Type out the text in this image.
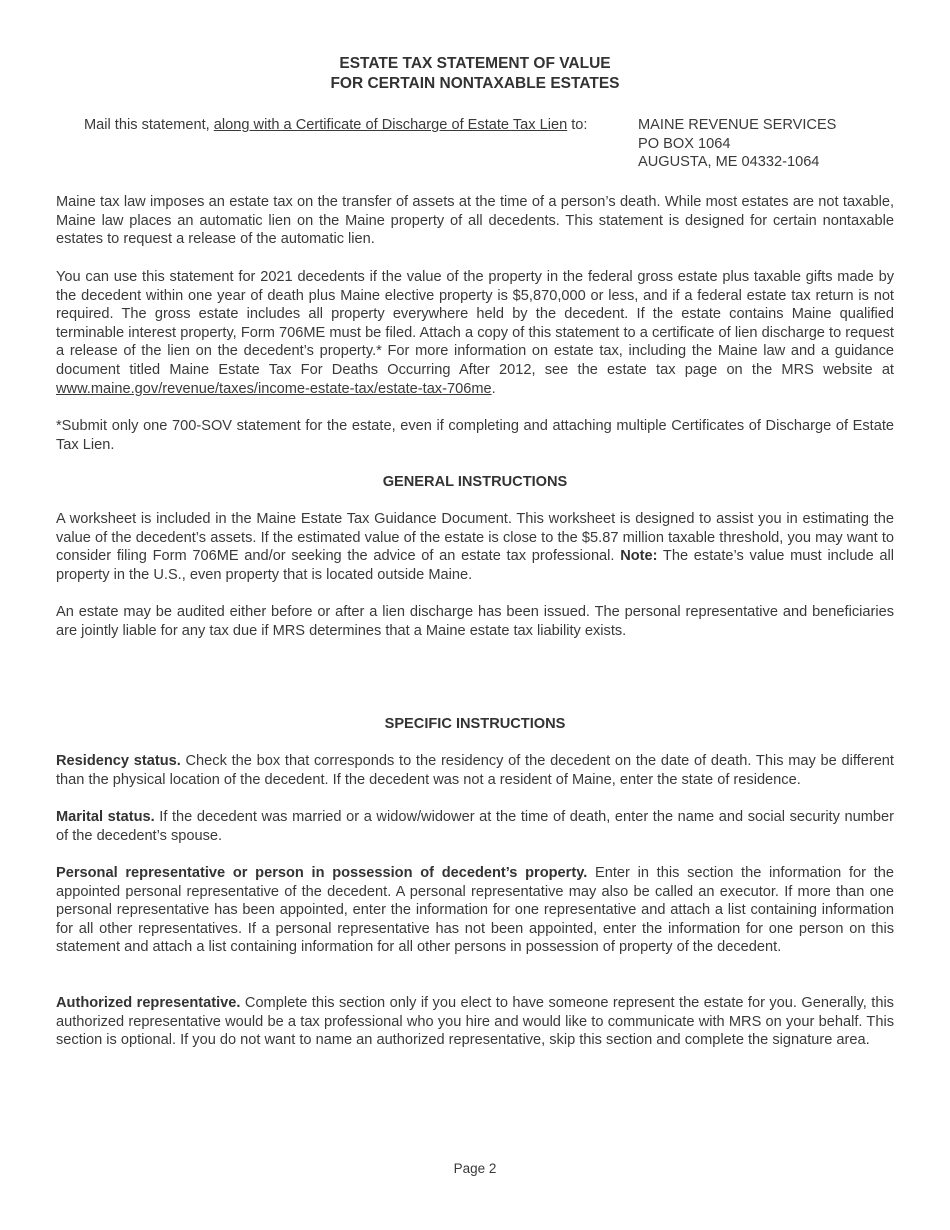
ESTATE TAX STATEMENT OF VALUE
FOR CERTAIN NONTAXABLE ESTATES
Mail this statement, along with a Certificate of Discharge of Estate Tax Lien to:	MAINE REVENUE SERVICES
PO BOX 1064
AUGUSTA, ME 04332-1064

Maine tax law imposes an estate tax on the transfer of assets at the time of a person’s death. While most estates are not taxable, Maine law places an automatic lien on the Maine property of all decedents. This statement is designed for certain nontaxable estates to request a release of the automatic lien.

You can use this statement for 2021 decedents if the value of the property in the federal gross estate plus taxable gifts made by the decedent within one year of death plus Maine elective property is $5,870,000 or less, and if a federal estate tax return is not required. The gross estate includes all property everywhere held by the decedent. If the estate contains Maine qualified terminable interest property, Form 706ME must be filed. Attach a copy of this statement to a certificate of lien discharge to request a release of the lien on the decedent’s property.* For more information on estate tax, including the Maine law and a guidance document titled Maine Estate Tax For Deaths Occurring After 2012, see the estate tax page on the MRS website at www.maine.gov/revenue/taxes/income-estate-tax/estate-tax-706me.

*Submit only one 700-SOV statement for the estate, even if completing and attaching multiple Certificates of Discharge of Estate Tax Lien.

GENERAL INSTRUCTIONS

A worksheet is included in the Maine Estate Tax Guidance Document. This worksheet is designed to assist you in estimating the value of the decedent’s assets. If the estimated value of the estate is close to the $5.87 million taxable threshold, you may want to consider filing Form 706ME and/or seeking the advice of an estate tax professional. Note: The estate’s value must include all property in the U.S., even property that is located outside Maine.

An estate may be audited either before or after a lien discharge has been issued. The personal representative and beneficiaries are jointly liable for any tax due if MRS determines that a Maine estate tax liability exists.

SPECIFIC INSTRUCTIONS

Residency status. Check the box that corresponds to the residency of the decedent on the date of death. This may be different than the physical location of the decedent. If the decedent was not a resident of Maine, enter the state of residence.

Marital status. If the decedent was married or a widow/widower at the time of death, enter the name and social security number of the decedent’s spouse.

Personal representative or person in possession of decedent’s property. Enter in this section the information for the appointed personal representative of the decedent. A personal representative may also be called an executor. If more than one personal representative has been appointed, enter the information for one representative and attach a list containing information for all other representatives. If a personal representative has not been appointed, enter the information for one person on this statement and attach a list containing information for all other persons in possession of property of the decedent.

Authorized representative. Complete this section only if you elect to have someone represent the estate for you. Generally, this authorized representative would be a tax professional who you hire and would like to communicate with MRS on your behalf. This section is optional. If you do not want to name an authorized representative, skip this section and complete the signature area.

Page 2
